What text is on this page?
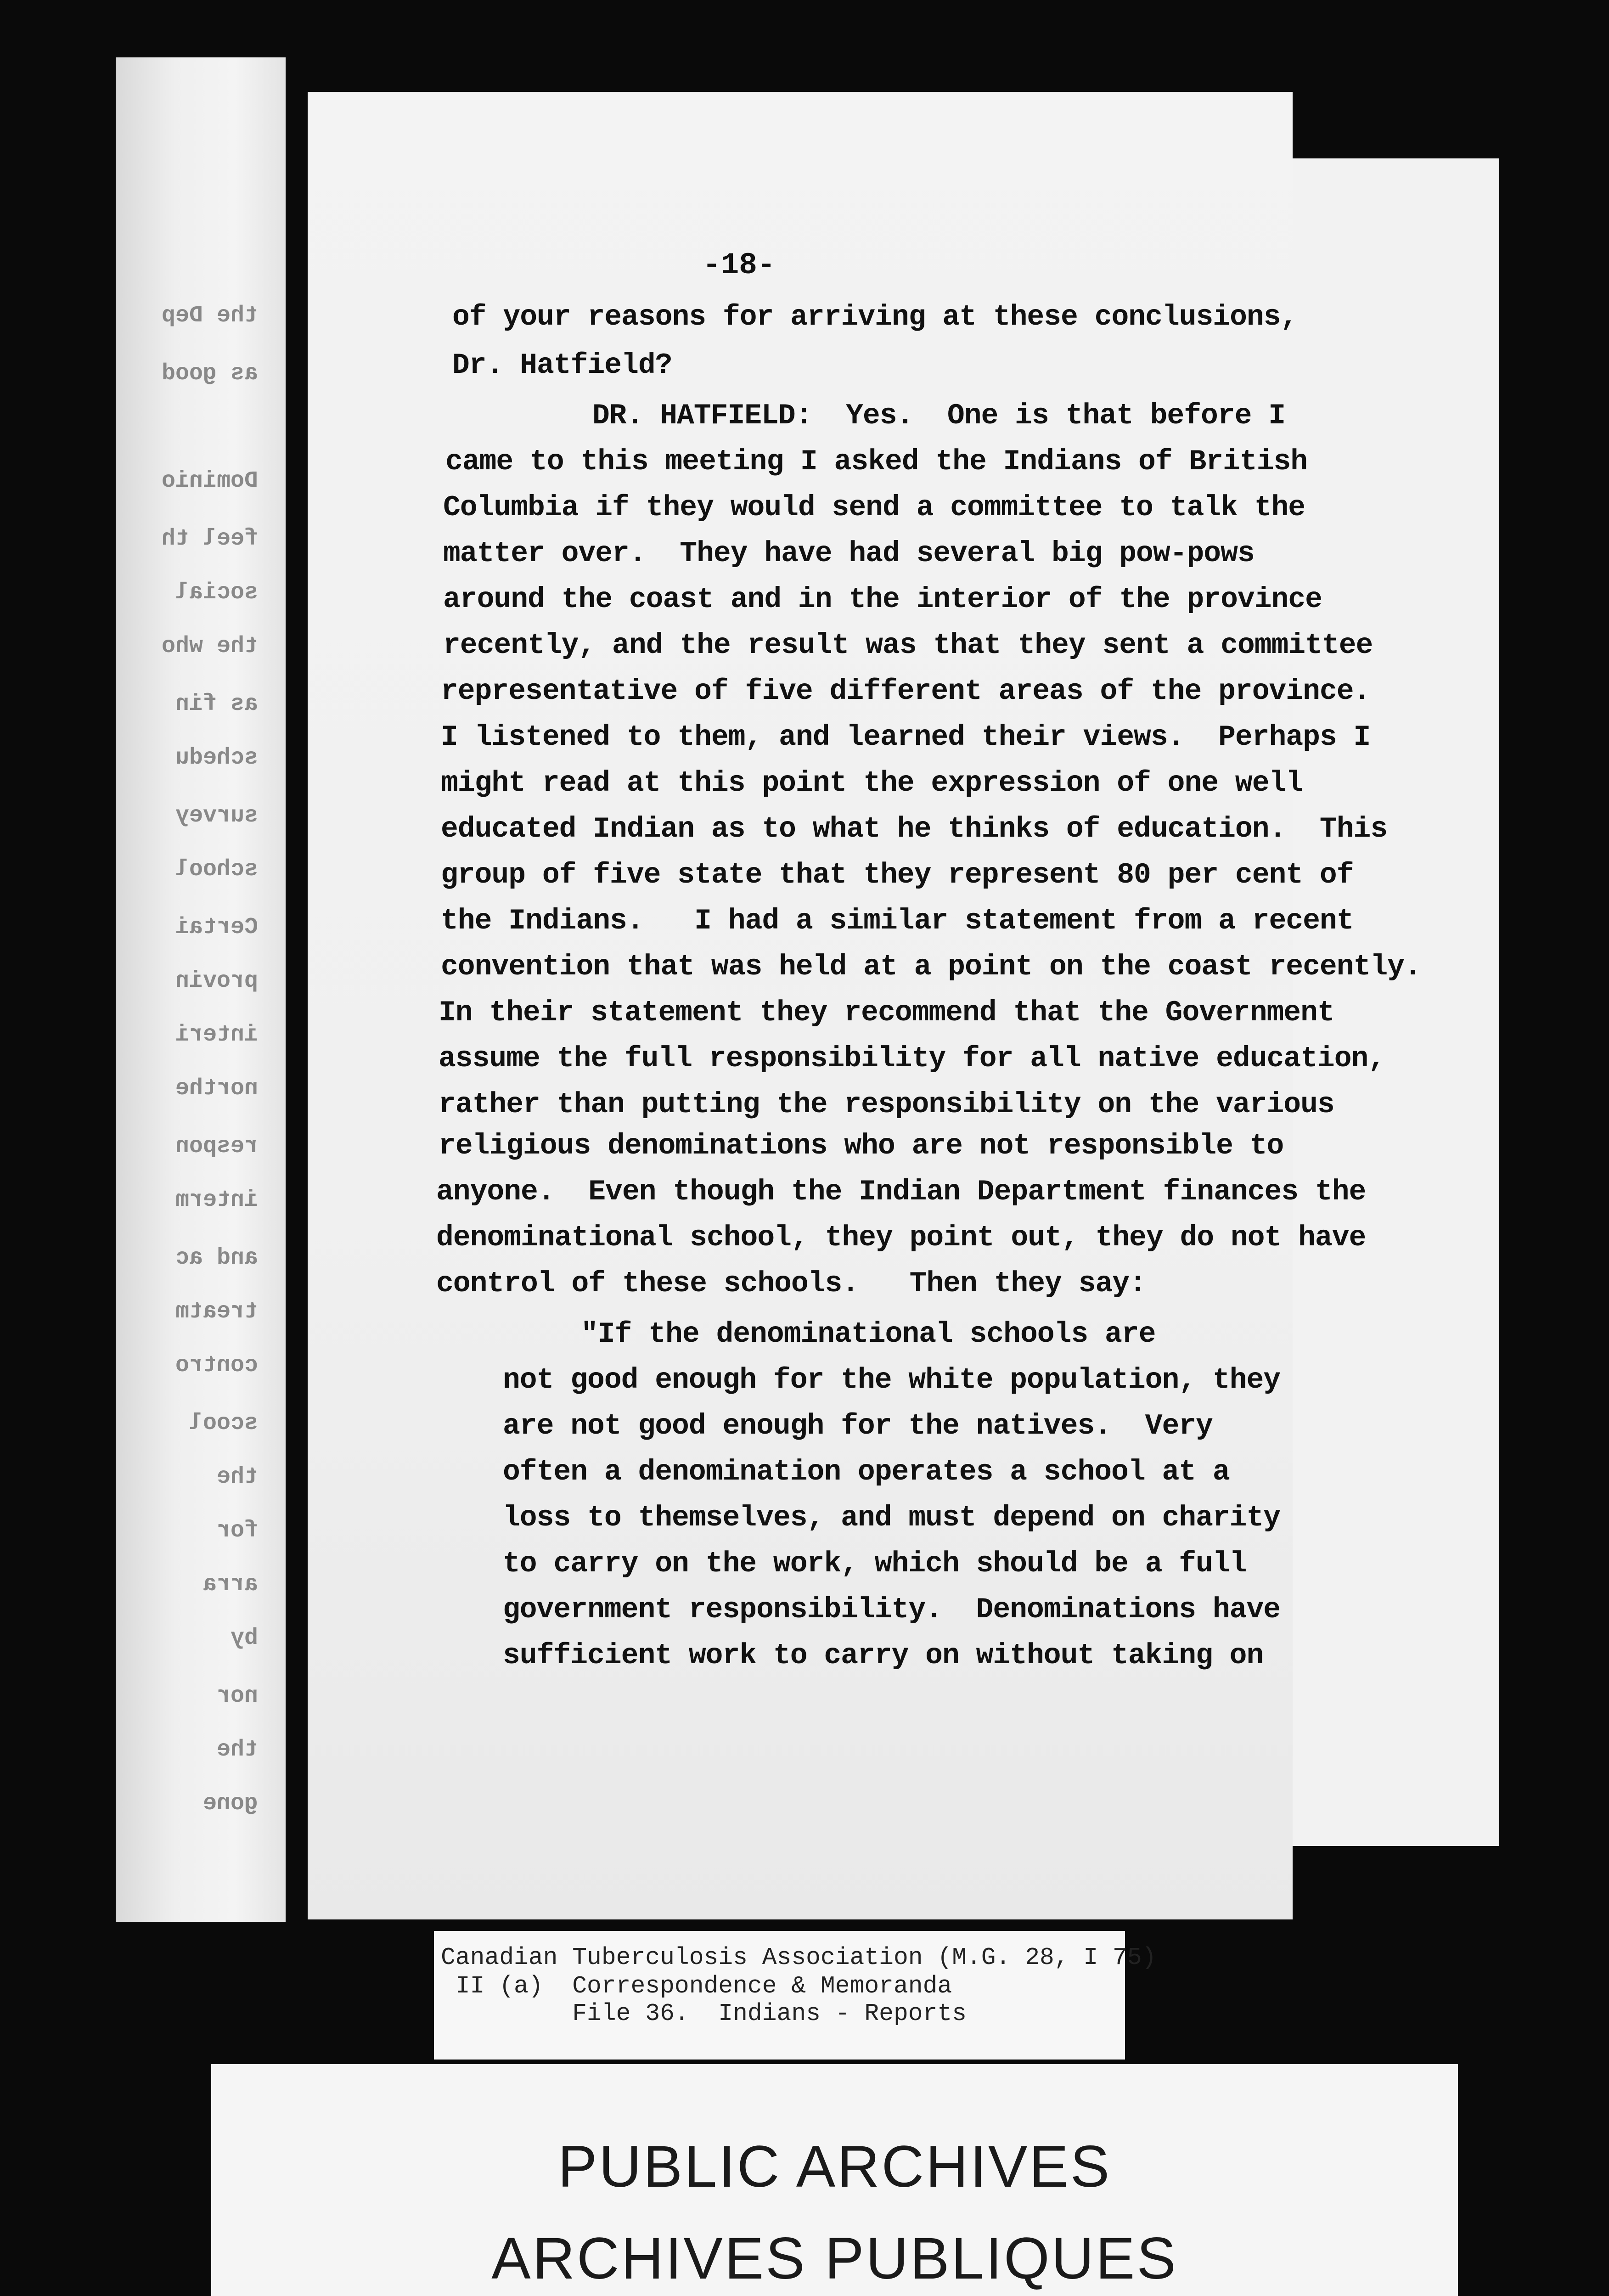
the Dep
as good
Dominio
feel th
social
the who
as fin
schedu
survey
school
Certai
provin
interi
northe
respon
interm
and ac
treatm
contro
scool
the
for
arra
by
nor
the
gone
-18-
of your reasons for arriving at these conclusions,
Dr. Hatfield?
DR. HATFIELD:  Yes.  One is that before I
came to this meeting I asked the Indians of British
Columbia if they would send a committee to talk the
matter over.  They have had several big pow-pows
around the coast and in the interior of the province
recently, and the result was that they sent a committee
representative of five different areas of the province.
I listened to them, and learned their views.  Perhaps I
might read at this point the expression of one well
educated Indian as to what he thinks of education.  This
group of five state that they represent 80 per cent of
the Indians.   I had a similar statement from a recent
convention that was held at a point on the coast recently.
In their statement they recommend that the Government
assume the full responsibility for all native education,
rather than putting the responsibility on the various
religious denominations who are not responsible to
anyone.  Even though the Indian Department finances the
denominational school, they point out, they do not have
control of these schools.   Then they say:
"If the denominational schools are
not good enough for the white population, they
are not good enough for the natives.  Very
often a denomination operates a school at a
loss to themselves, and must depend on charity
to carry on the work, which should be a full
government responsibility.  Denominations have
sufficient work to carry on without taking on
Canadian Tuberculosis Association (M.G. 28, I 75)
II (a)  Correspondence & Memoranda
File 36.  Indians - Reports
PUBLIC ARCHIVES
ARCHIVES PUBLIQUES
